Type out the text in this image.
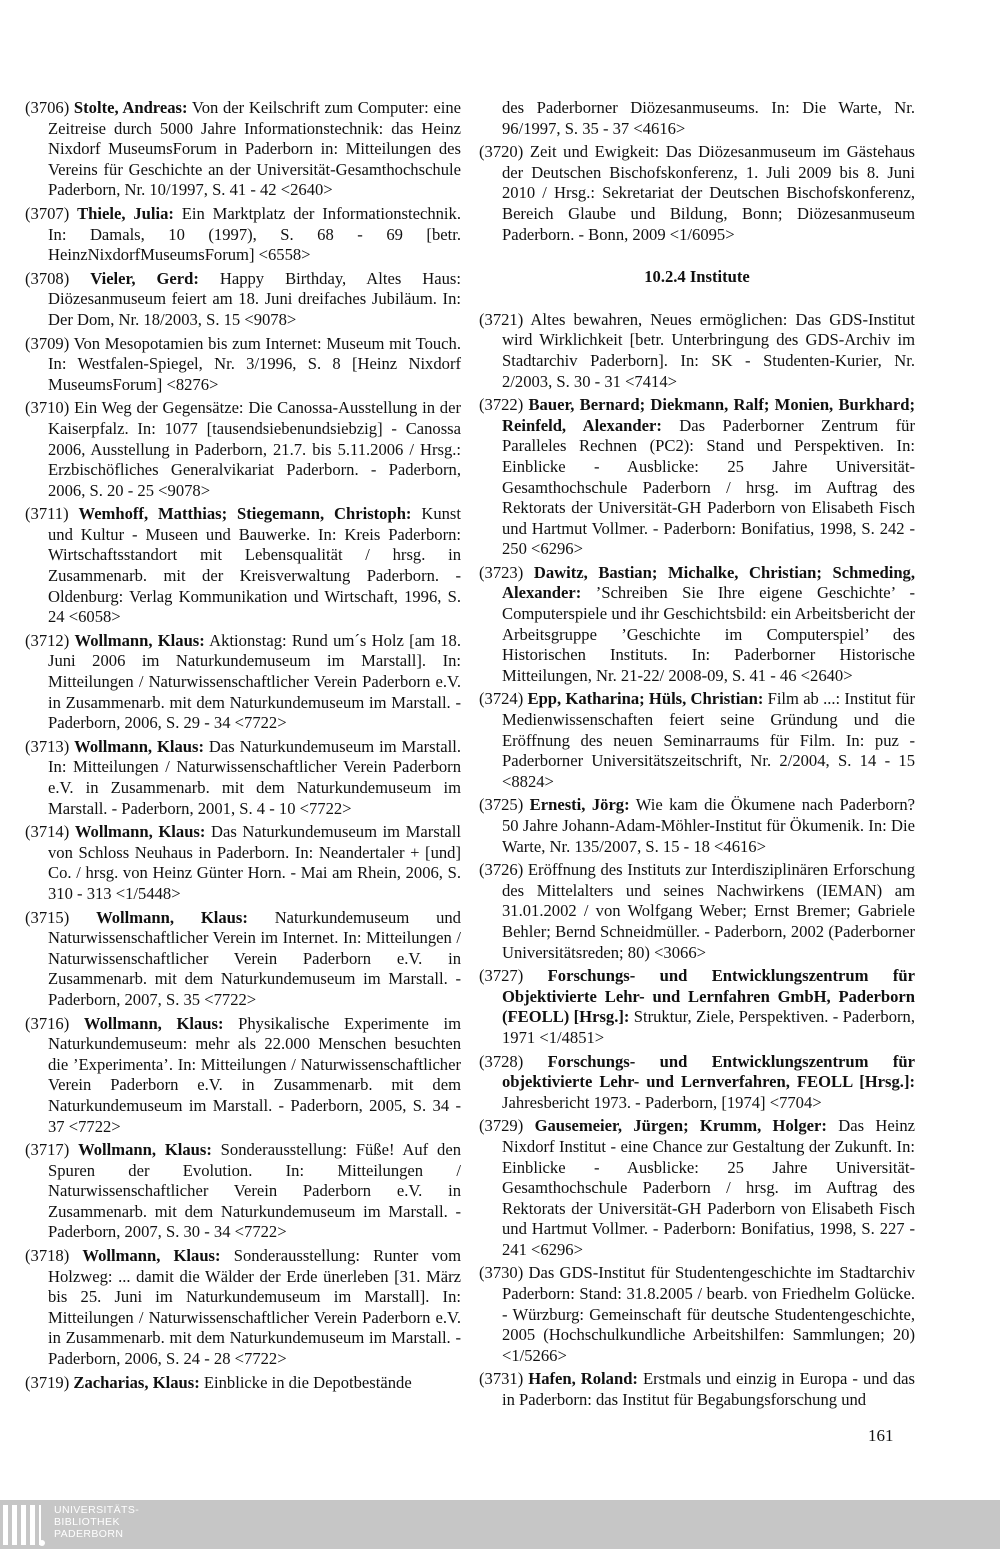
(3706) Stolte, Andreas: Von der Keilschrift zum Computer: eine Zeitreise durch 5000 Jahre Informationstechnik: das Heinz Nixdorf MuseumsForum in Paderborn in: Mitteilungen des Vereins für Geschichte an der Universität-Gesamthochschule Paderborn, Nr. 10/1997, S. 41 - 42 <2640>

(3707) Thiele, Julia: Ein Marktplatz der Informationstechnik. In: Damals, 10 (1997), S. 68 - 69 [betr. HeinzNixdorfMuseumsForum] <6558>

(3708) Vieler, Gerd: Happy Birthday, Altes Haus: Diözesanmuseum feiert am 18. Juni dreifaches Jubiläum. In: Der Dom, Nr. 18/2003, S. 15 <9078>

(3709) Von Mesopotamien bis zum Internet: Museum mit Touch. In: Westfalen-Spiegel, Nr. 3/1996, S. 8 [Heinz Nixdorf MuseumsForum] <8276>

(3710) Ein Weg der Gegensätze: Die Canossa-Ausstellung in der Kaiserpfalz. In: 1077 [tausendsiebenundsiebzig] - Canossa 2006, Ausstellung in Paderborn, 21.7. bis 5.11.2006 / Hrsg.: Erzbischöfliches Generalvikariat Paderborn. - Paderborn, 2006, S. 20 - 25 <9078>

(3711) Wemhoff, Matthias; Stiegemann, Christoph: Kunst und Kultur - Museen und Bauwerke. In: Kreis Paderborn: Wirtschaftsstandort mit Lebensqualität / hrsg. in Zusammenarb. mit der Kreisverwaltung Paderborn. - Oldenburg: Verlag Kommunikation und Wirtschaft, 1996, S. 24 <6058>

(3712) Wollmann, Klaus: Aktionstag: Rund um´s Holz [am 18. Juni 2006 im Naturkundemuseum im Marstall]. In: Mitteilungen / Naturwissenschaftlicher Verein Paderborn e.V. in Zusammenarb. mit dem Naturkundemuseum im Marstall. - Paderborn, 2006, S. 29 - 34 <7722>

(3713) Wollmann, Klaus: Das Naturkundemuseum im Marstall. In: Mitteilungen / Naturwissenschaftlicher Verein Paderborn e.V. in Zusammenarb. mit dem Naturkundemuseum im Marstall. - Paderborn, 2001, S. 4 - 10 <7722>

(3714) Wollmann, Klaus: Das Naturkundemuseum im Marstall von Schloss Neuhaus in Paderborn. In: Neandertaler + [und] Co. / hrsg. von Heinz Günter Horn. - Mai am Rhein, 2006, S. 310 - 313 <1/5448>

(3715) Wollmann, Klaus: Naturkundemuseum und Naturwissenschaftlicher Verein im Internet. In: Mitteilungen / Naturwissenschaftlicher Verein Paderborn e.V. in Zusammenarb. mit dem Naturkundemuseum im Marstall. - Paderborn, 2007, S. 35 <7722>

(3716) Wollmann, Klaus: Physikalische Experimente im Naturkundemuseum: mehr als 22.000 Menschen besuchten die ’Experimenta’. In: Mitteilungen / Naturwissenschaftlicher Verein Paderborn e.V. in Zusammenarb. mit dem Naturkundemuseum im Marstall. - Paderborn, 2005, S. 34 - 37 <7722>

(3717) Wollmann, Klaus: Sonderausstellung: Füße! Auf den Spuren der Evolution. In: Mitteilungen / Naturwissenschaftlicher Verein Paderborn e.V. in Zusammenarb. mit dem Naturkundemuseum im Marstall. - Paderborn, 2007, S. 30 - 34 <7722>

(3718) Wollmann, Klaus: Sonderausstellung: Runter vom Holzweg: ... damit die Wälder der Erde ünerleben [31. März bis 25. Juni im Naturkundemuseum im Marstall]. In: Mitteilungen / Naturwissenschaftlicher Verein Paderborn e.V. in Zusammenarb. mit dem Naturkundemuseum im Marstall. - Paderborn, 2006, S. 24 - 28 <7722>

(3719) Zacharias, Klaus: Einblicke in die Depotbestände

des Paderborner Diözesanmuseums. In: Die Warte, Nr. 96/1997, S. 35 - 37 <4616>

(3720) Zeit und Ewigkeit: Das Diözesanmuseum im Gästehaus der Deutschen Bischofskonferenz, 1. Juli 2009 bis 8. Juni 2010 / Hrsg.: Sekretariat der Deutschen Bischofskonferenz, Bereich Glaube und Bildung, Bonn; Diözesanmuseum Paderborn. - Bonn, 2009 <1/6095>

10.2.4 Institute

(3721) Altes bewahren, Neues ermöglichen: Das GDS-Institut wird Wirklichkeit [betr. Unterbringung des GDS-Archiv im Stadtarchiv Paderborn]. In: SK - Studenten-Kurier, Nr. 2/2003, S. 30 - 31 <7414>

(3722) Bauer, Bernard; Diekmann, Ralf; Monien, Burkhard; Reinfeld, Alexander: Das Paderborner Zentrum für Paralleles Rechnen (PC2): Stand und Perspektiven. In: Einblicke - Ausblicke: 25 Jahre Universität-Gesamthochschule Paderborn / hrsg. im Auftrag des Rektorats der Universität-GH Paderborn von Elisabeth Fisch und Hartmut Vollmer. - Paderborn: Bonifatius, 1998, S. 242 - 250 <6296>

(3723) Dawitz, Bastian; Michalke, Christian; Schmeding, Alexander: ’Schreiben Sie Ihre eigene Geschichte’ - Computerspiele und ihr Geschichtsbild: ein Arbeitsbericht der Arbeitsgruppe ’Geschichte im Computerspiel’ des Historischen Instituts. In: Paderborner Historische Mitteilungen, Nr. 21-22/ 2008-09, S. 41 - 46 <2640>

(3724) Epp, Katharina; Hüls, Christian: Film ab ...: Institut für Medienwissenschaften feiert seine Gründung und die Eröffnung des neuen Seminarraums für Film. In: puz - Paderborner Universitätszeitschrift, Nr. 2/2004, S. 14 - 15 <8824>

(3725) Ernesti, Jörg: Wie kam die Ökumene nach Paderborn? 50 Jahre Johann-Adam-Möhler-Institut für Ökumenik. In: Die Warte, Nr. 135/2007, S. 15 - 18 <4616>

(3726) Eröffnung des Instituts zur Interdisziplinären Erforschung des Mittelalters und seines Nachwirkens (IEMAN) am 31.01.2002 / von Wolfgang Weber; Ernst Bremer; Gabriele Behler; Bernd Schneidmüller. - Paderborn, 2002 (Paderborner Universitätsreden; 80) <3066>

(3727) Forschungs- und Entwicklungszentrum für Objektivierte Lehr- und Lernfahren GmbH, Paderborn (FEOLL) [Hrsg.]: Struktur, Ziele, Perspektiven. - Paderborn, 1971 <1/4851>

(3728) Forschungs- und Entwicklungszentrum für objektivierte Lehr- und Lernverfahren, FEOLL [Hrsg.]: Jahresbericht 1973. - Paderborn, [1974] <7704>

(3729) Gausemeier, Jürgen; Krumm, Holger: Das Heinz Nixdorf Institut - eine Chance zur Gestaltung der Zukunft. In: Einblicke - Ausblicke: 25 Jahre Universität-Gesamthochschule Paderborn / hrsg. im Auftrag des Rektorats der Universität-GH Paderborn von Elisabeth Fisch und Hartmut Vollmer. - Paderborn: Bonifatius, 1998, S. 227 - 241 <6296>

(3730) Das GDS-Institut für Studentengeschichte im Stadtarchiv Paderborn: Stand: 31.8.2005 / bearb. von Friedhelm Golücke. - Würzburg: Gemeinschaft für deutsche Studentengeschichte, 2005 (Hochschulkundliche Arbeitshilfen: Sammlungen; 20) <1/5266>

(3731) Hafen, Roland: Erstmals und einzig in Europa - und das in Paderborn: das Institut für Begabungsforschung und

161
UNIVERSITÄTS-
BIBLIOTHEK
PADERBORN
